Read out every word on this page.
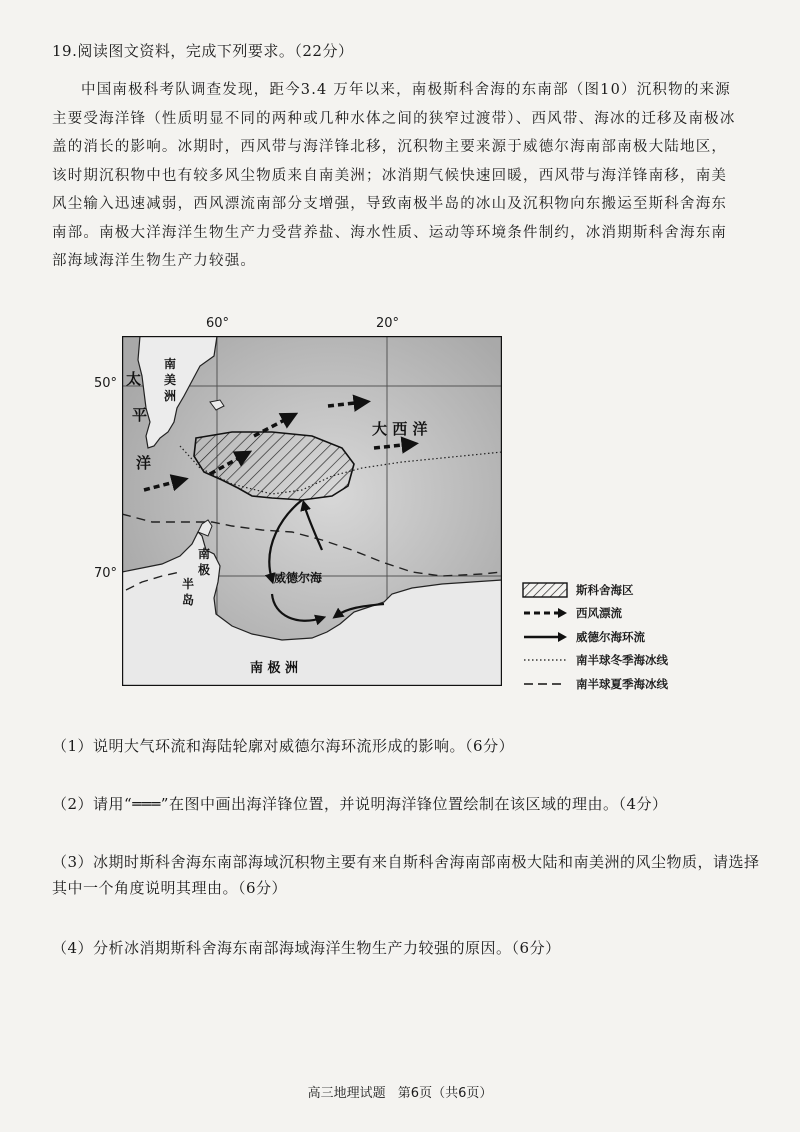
19.阅读图文资料，完成下列要求。（22分）

中国南极科考队调查发现，距今3.4 万年以来，南极斯科舍海的东南部（图10）沉积物的来源主要受海洋锋（性质明显不同的两种或几种水体之间的狭窄过渡带）、西风带、海冰的迁移及南极冰盖的消长的影响。冰期时，西风带与海洋锋北移，沉积物主要来源于威德尔海南部南极大陆地区，该时期沉积物中也有较多风尘物质来自南美洲；冰消期气候快速回暖，西风带与海洋锋南移，南美风尘输入迅速减弱，西风漂流南部分支增强，导致南极半岛的冰山及沉积物向东搬运至斯科舍海东南部。南极大洋海洋生物生产力受营养盐、海水性质、运动等环境条件制约，冰消期斯科舍海东南部海域海洋生物生产力较强。

60°	20°
50°
70°
南
美
洲
太
平
洋
大 西 洋
南
极
半
岛
威德尔海
南 极 洲
斯科舍海区
西风漂流
威德尔海环流
南半球冬季海冰线
南半球夏季海冰线
（1）说明大气环流和海陆轮廓对威德尔海环流形成的影响。（6分）
（2）请用“═══”在图中画出海洋锋位置，并说明海洋锋位置绘制在该区域的理由。（4分）
（3）冰期时斯科舍海东南部海域沉积物主要有来自斯科舍海南部南极大陆和南美洲的风尘物质，请选择其中一个角度说明其理由。（6分）
（4）分析冰消期斯科舍海东南部海域海洋生物生产力较强的原因。（6分）
高三地理试题 第6页（共6页）
